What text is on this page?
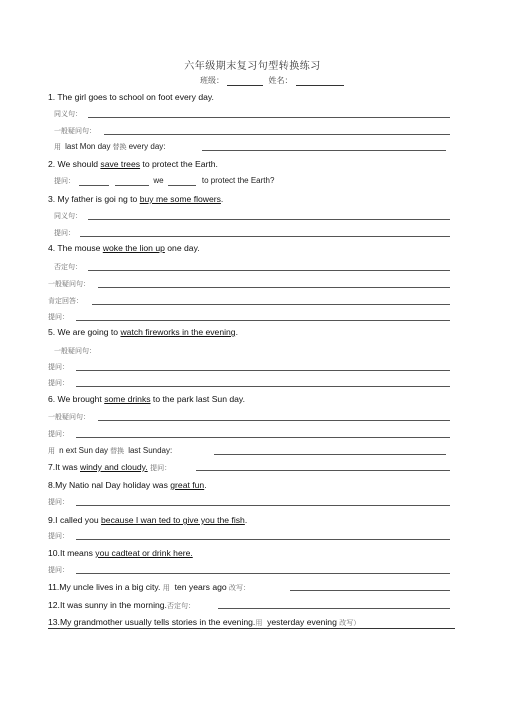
六年级期末复习句型转换练习
班级：	姓名：
1. The girl goes to school on foot every day.
同义句：
一般疑问句：
用 last Mon day 替换 every day:
2. We should save trees to protect the Earth.
提问：	we	to protect the Earth?
3. My father is goi ng to buy me some flowers.
同义句：
提问：
4. The mouse woke the lion up one day.
否定句：
一般疑问句：
肯定回答：
提问：
5. We are going to watch fireworks in the evening.
一般疑问句：
提问：
提问：
6. We brought some drinks to the park last Sun day.
一般疑问句：
提问：
用 n ext Sun day 替换 last Sunday:
7.It was windy and cloudy. 提问：
8.My Natio nal Day holiday was great fun.
提问：
9.I called you because I wan ted to give you the fish.
提问：
10.It means you cadteat or drink here.
提问：
11.My uncle lives in a big city. 用 ten years ago 改写：
12.It was sunny in the morning.否定句：
13.My grandmother usually tells stories in the evening.用 yesterday evening 改写）
